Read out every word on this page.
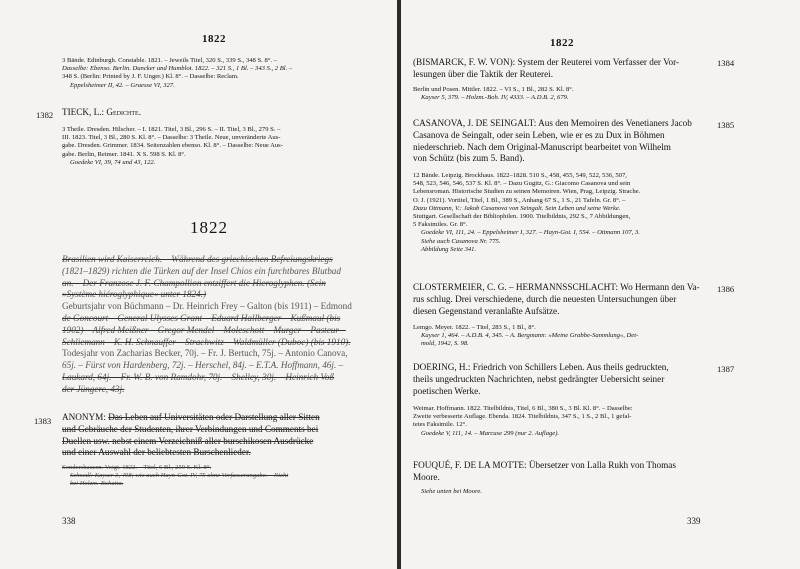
1822
3 Bände. Edinburgh. Constable. 1821. – Jeweils Titel, 320 S., 339 S., 348 S. 8°. –
Dasselbe: Ebenso. Berlin. Duncker und Humblot. 1822. – 321 S., 1 Bl. – 343 S., 2 Bl. –
348 S. (Berlin: Printed by J. F. Unger.) Kl. 8°. – Dasselbe: Reclam.
Eppelsheimer II, 42. – Graesse VI, 327.
1382 TIECK, L.: Gedichte.
3 Theile. Dresden. Hilscher. – I. 1821. Titel, 3 Bl., 296 S. – II. Titel, 3 Bl., 279 S. –
III. 1823. Titel, 3 Bl., 280 S. Kl. 8°. – Dasselbe: 3 Theile. Neue, unveränderte Aus-
gabe. Dresden. Grimmer. 1834. Seitenzahlen ebenso. Kl. 8°. – Dasselbe: Neue Aus-
gabe. Berlin, Reimer. 1841. X S. 598 S. Kl. 8°.
Goedeke VI, 39, 74 und 43, 122.
1822
Brasilien wird Kaiserreich. – Während des griechischen Befreiungskriegs
(1821–1829) richten die Türken auf der Insel Chios ein furchtbares Blutbad
an. – Der Franzose J. F. Champollion entziffert die Hieroglyphen. (Sein
»Système hiéroglyphique« unter 1824.)
Geburtsjahr von Büchmann – Dr. Heinrich Frey – Galton (bis 1911) – Edmond
de Goncourt – General Ulysses Grant – Eduard Hallberger – Kußmaul (bis
1902) – Alfred Meißner – Gregor Mendel – Moleschott – Murger – Pasteur –
Schliemann – K. H. Schnauffer – Strachwitz – Waldmüller (Duboc) (bis 1910).
Todesjahr von Zacharias Becker, 70j. – Fr. J. Bertuch, 75j. – Antonio Canova,
65j. – Fürst von Hardenberg, 72j. – Herschel, 84j. – E.T.A. Hoffmann, 46j. –
Laukard, 64j. – Fr. W. B. von Ramdohr, 70j. – Shelley, 30j. – Heinrich Voß
der Jüngere, 43j.
1383 ANONYM: Das Leben auf Universitäten oder Darstellung aller Sitten
und Gebräuche der Studenten, ihrer Verbindungen und Comments bei
Duellen usw. nebst einem Verzeichniß aller burschikosen Ausdrücke
und einer Auswahl der beliebtesten Burschenlieder.
Sondershausen. Voigt. 1822. – Titel, 6 Bl., 259 S. Kl. 8°.
Schoedl: Kayser 3, 498; wie auch Hayn-Got. IV, 75 ohne Verfasserangabe. – Nicht
bei Holzm.-Bohatta.
338
1822
(BISMARCK, F. W. VON): System der Reuterei vom Verfasser der Vor-
lesungen über die Taktik der Reuterei.
1384
Berlin und Posen. Mittler. 1822. – VI S., 1 Bl., 282 S. Kl. 8°.
Kayser 5, 379. – Holzm.-Boh. IV, 4333. – A.D.B. 2, 679.
CASANOVA, J. DE SEINGALT: Aus den Memoiren des Venetianers Jacob
Casanova de Seingalt, oder sein Leben, wie er es zu Dux in Böhmen
niederschrieb. Nach dem Original-Manuscript bearbeitet von Wilhelm
von Schütz (bis zum 5. Band).
1385
12 Bände. Leipzig. Brockhaus. 1822–1828. 510 S., 458, 455, 549, 522, 536, 507,
548, 523, 546, 546, 537 S. Kl. 8°. – Dazu Gugitz, G.: Giacomo Casanova und sein
Lebensroman. Historische Studien zu seinen Memoiren. Wien, Prag, Leipzig. Strache.
O. J. (1921). Vortitel, Titel, 1 Bl., 389 S., Anhang 67 S., 1 S., 21 Tafeln. Gr. 8°. –
Dazu Ottmann, V.: Jakob Casanova von Seingalt. Sein Leben und seine Werke.
Stuttgart. Gesellschaft der Bibliophilen. 1900. Titelbildnis, 292 S., 7 Abbildungen,
5 Faksimiles. Gr. 8°.
Goedeke VI, 111, 24. – Eppelsheimer I, 327. – Hayn-Got. I, 554. – Ottmann 107, 3.
Siehe auch Casanova Nr. 775.
Abbildung Seite 341.
CLOSTERMEIER, C. G. – HERMANNSSCHLACHT: Wo Hermann den Va-
rus schlug. Drei verschiedene, durch die neuesten Untersuchungen über
diesen Gegenstand veranlaßte Aufsätze.
1386
Lemgo. Meyer. 1822. – Titel, 283 S., 1 Bl., 8°.
Kayser 1, 464. – A.D.B. 4, 345. – A. Bergmann: »Meine Grabbe-Sammlung«, Det-
mold, 1942, S. 98.
DOERING, H.: Friedrich von Schillers Leben. Aus theils gedruckten,
theils ungedruckten Nachrichten, nebst gedrängter Uebersicht seiner
poetischen Werke.
1387
Weimar. Hoffmann. 1822. Titelbildnis, Titel, 6 Bl., 380 S., 3 Bl. Kl. 8°. – Dasselbe:
Zweite verbesserte Auflage. Ebenda. 1824. Titelbildnis, 347 S., 1 S., 2 Bl., 1 gefal-
tetes Faksimile. 12°.
Goedeke V, 111, 14. – Marcuse 299 (nur 2. Auflage).
FOUQUÉ, F. DE LA MOTTE: Übersetzer von Lalla Rukh von Thomas
Moore.
Siehe unten bei Moore.
339
